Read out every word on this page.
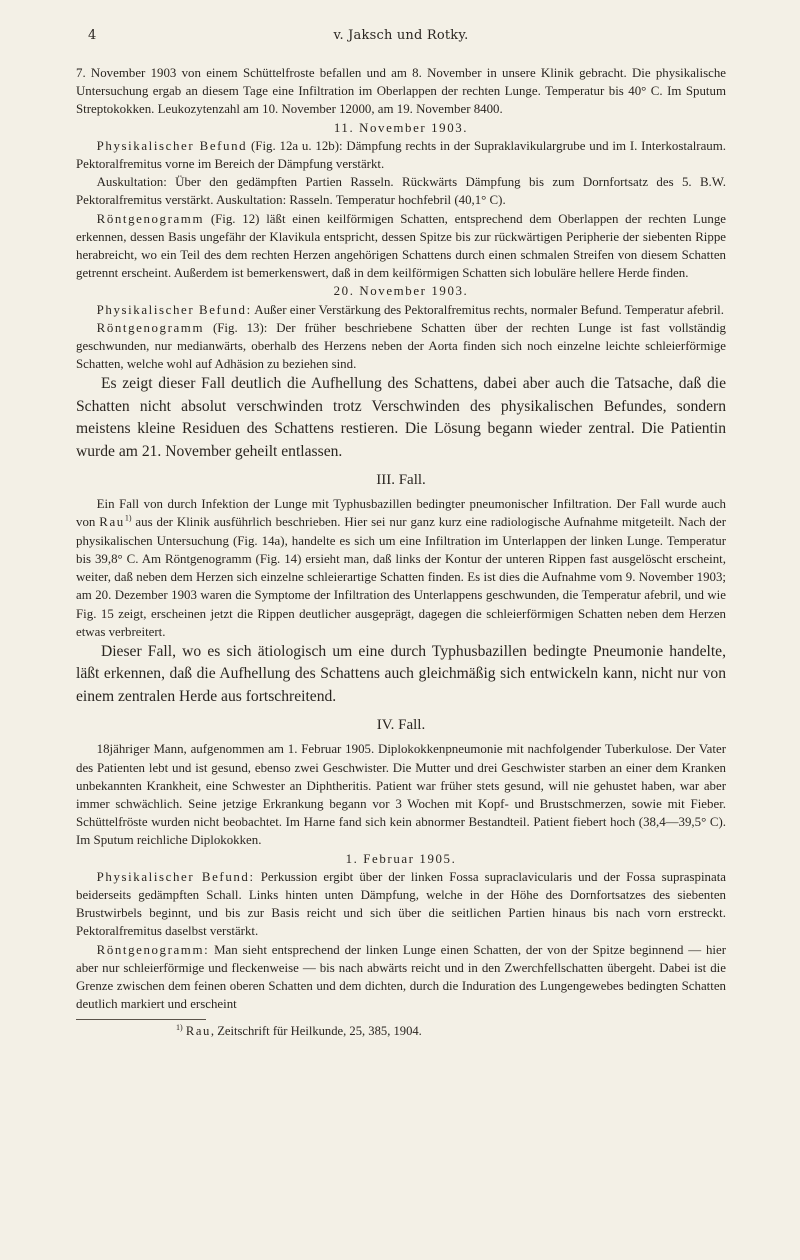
4	v. Jaksch und Rotky.

7. November 1903 von einem Schüttelfroste befallen und am 8. November in unsere Klinik gebracht. Die physikalische Untersuchung ergab an diesem Tage eine Infiltration im Oberlappen der rechten Lunge. Temperatur bis 40° C. Im Sputum Streptokokken. Leukozytenzahl am 10. November 12000, am 19. November 8400.

11. November 1903.

Physikalischer Befund (Fig. 12a u. 12b): Dämpfung rechts in der Supraklavikulargrube und im I. Interkostalraum. Pektoralfremitus vorne im Bereich der Dämpfung verstärkt.

Auskultation: Über den gedämpften Partien Rasseln. Rückwärts Dämpfung bis zum Dornfortsatz des 5. B.W. Pektoralfremitus verstärkt. Auskultation: Rasseln. Temperatur hochfebril (40,1° C).

Röntgenogramm (Fig. 12) läßt einen keilförmigen Schatten, entsprechend dem Oberlappen der rechten Lunge erkennen, dessen Basis ungefähr der Klavikula entspricht, dessen Spitze bis zur rückwärtigen Peripherie der siebenten Rippe herabreicht, wo ein Teil des dem rechten Herzen angehörigen Schattens durch einen schmalen Streifen von diesem Schatten getrennt erscheint. Außerdem ist bemerkenswert, daß in dem keilförmigen Schatten sich lobuläre hellere Herde finden.

20. November 1903.

Physikalischer Befund: Außer einer Verstärkung des Pektoralfremitus rechts, normaler Befund. Temperatur afebril.

Röntgenogramm (Fig. 13): Der früher beschriebene Schatten über der rechten Lunge ist fast vollständig geschwunden, nur medianwärts, oberhalb des Herzens neben der Aorta finden sich noch einzelne leichte schleierförmige Schatten, welche wohl auf Adhäsion zu beziehen sind.

Es zeigt dieser Fall deutlich die Aufhellung des Schattens, dabei aber auch die Tatsache, daß die Schatten nicht absolut verschwinden trotz Verschwinden des physikalischen Befundes, sondern meistens kleine Residuen des Schattens restieren. Die Lösung begann wieder zentral. Die Patientin wurde am 21. November geheilt entlassen.

III. Fall.

Ein Fall von durch Infektion der Lunge mit Typhusbazillen bedingter pneumonischer Infiltration. Der Fall wurde auch von Rau$^{1)}$ aus der Klinik ausführlich beschrieben. Hier sei nur ganz kurz eine radiologische Aufnahme mitgeteilt. Nach der physikalischen Untersuchung (Fig. 14a), handelte es sich um eine Infiltration im Unterlappen der linken Lunge. Temperatur bis 39,8° C. Am Röntgenogramm (Fig. 14) ersieht man, daß links der Kontur der unteren Rippen fast ausgelöscht erscheint, weiter, daß neben dem Herzen sich einzelne schleierartige Schatten finden. Es ist dies die Aufnahme vom 9. November 1903; am 20. Dezember 1903 waren die Symptome der Infiltration des Unterlappens geschwunden, die Temperatur afebril, und wie Fig. 15 zeigt, erscheinen jetzt die Rippen deutlicher ausgeprägt, dagegen die schleierförmigen Schatten neben dem Herzen etwas verbreitert.

Dieser Fall, wo es sich ätiologisch um eine durch Typhusbazillen bedingte Pneumonie handelte, läßt erkennen, daß die Aufhellung des Schattens auch gleichmäßig sich entwickeln kann, nicht nur von einem zentralen Herde aus fortschreitend.

IV. Fall.

18jähriger Mann, aufgenommen am 1. Februar 1905. Diplokokkenpneumonie mit nachfolgender Tuberkulose. Der Vater des Patienten lebt und ist gesund, ebenso zwei Geschwister. Die Mutter und drei Geschwister starben an einer dem Kranken unbekannten Krankheit, eine Schwester an Diphtheritis. Patient war früher stets gesund, will nie gehustet haben, war aber immer schwächlich. Seine jetzige Erkrankung begann vor 3 Wochen mit Kopf- und Brustschmerzen, sowie mit Fieber. Schüttelfröste wurden nicht beobachtet. Im Harne fand sich kein abnormer Bestandteil. Patient fiebert hoch (38,4—39,5° C). Im Sputum reichliche Diplokokken.

1. Februar 1905.

Physikalischer Befund: Perkussion ergibt über der linken Fossa supraclavicularis und der Fossa supraspinata beiderseits gedämpften Schall. Links hinten unten Dämpfung, welche in der Höhe des Dornfortsatzes des siebenten Brustwirbels beginnt, und bis zur Basis reicht und sich über die seitlichen Partien hinaus bis nach vorn erstreckt. Pektoralfremitus daselbst verstärkt.

Röntgenogramm: Man sieht entsprechend der linken Lunge einen Schatten, der von der Spitze beginnend — hier aber nur schleierförmige und fleckenweise — bis nach abwärts reicht und in den Zwerchfellschatten übergeht. Dabei ist die Grenze zwischen dem feinen oberen Schatten und dem dichten, durch die Induration des Lungengewebes bedingten Schatten deutlich markiert und erscheint

$^{1)}$ Rau, Zeitschrift für Heilkunde, 25, 385, 1904.
